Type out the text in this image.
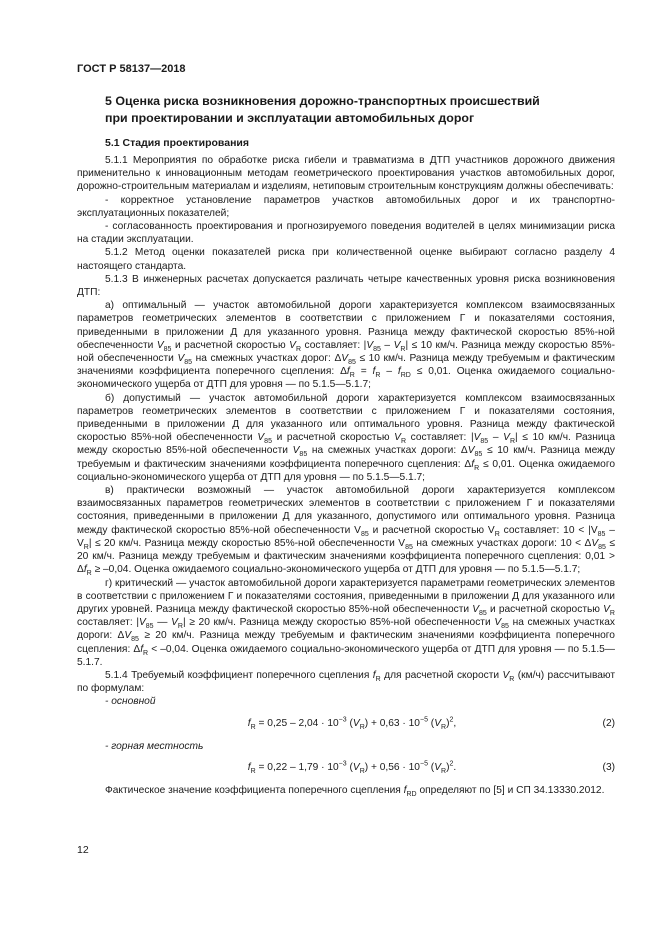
ГОСТ Р 58137—2018
5 Оценка риска возникновения дорожно-транспортных происшествий
при проектировании и эксплуатации автомобильных дорог
5.1 Стадия проектирования

5.1.1 Мероприятия по обработке риска гибели и травматизма в ДТП участников дорожного движения применительно к инновационным методам геометрического проектирования участков автомобильных дорог, дорожно-строительным материалам и изделиям, нетиповым строительным конструкциям должны обеспечивать:

- корректное установление параметров участков автомобильных дорог и их транспортно-эксплуатационных показателей;

- согласованность проектирования и прогнозируемого поведения водителей в целях минимизации риска на стадии эксплуатации.

5.1.2 Метод оценки показателей риска при количественной оценке выбирают согласно разделу 4 настоящего стандарта.

5.1.3 В инженерных расчетах допускается различать четыре качественных уровня риска возникновения ДТП:

а) оптимальный — участок автомобильной дороги характеризуется комплексом взаимосвязанных параметров геометрических элементов в соответствии с приложением Г и показателями состояния, приведенными в приложении Д для указанного уровня. Разница между фактической скоростью 85%-ной обеспеченности $V_{85}$ и расчетной скоростью $V_R$ составляет: $|V_{85} - V_R| \le 10$ км/ч. Разница между скоростью 85%-ной обеспеченности $V_{85}$ на смежных участках дорог: $\Delta V_{85} \le 10$ км/ч. Разница между требуемым и фактическим значениями коэффициента поперечного сцепления: $\Delta f_R = f_R - f_{RD} \le 0,01$. Оценка ожидаемого социально-экономического ущерба от ДТП для уровня — по 5.1.5—5.1.7;

б) допустимый — участок автомобильной дороги характеризуется комплексом взаимосвязанных параметров геометрических элементов в соответствии с приложением Г и показателями состояния, приведенными в приложении Д для указанного или оптимального уровня. Разница между фактической скоростью 85%-ной обеспеченности $V_{85}$ и расчетной скоростью $V_R$ составляет: $|V_{85} - V_R| \le 10$ км/ч. Разница между скоростью 85%-ной обеспеченности $V_{85}$ на смежных участках дороги: $\Delta V_{85} \le 10$ км/ч. Разница между требуемым и фактическим значениями коэффициента поперечного сцепления: $\Delta f_R \le 0,01$. Оценка ожидаемого социально-экономического ущерба от ДТП для уровня — по 5.1.5—5.1.7;

в) практически возможный — участок автомобильной дороги характеризуется комплексом взаимосвязанных параметров геометрических элементов в соответствии с приложением Г и показателями состояния, приведенными в приложении Д для указанного, допустимого или оптимального уровня. Разница между фактической скоростью 85%-ной обеспеченности $V_{85}$ и расчетной скоростью $V_R$ составляет: $10 < |V_{85} - V_R| \le 20$ км/ч. Разница между скоростью 85%-ной обеспеченности $V_{85}$ на смежных участках дороги: $10 < \Delta V_{85} \le 20$ км/ч. Разница между требуемым и фактическим значениями коэффициента поперечного сцепления: $0,01 > \Delta f_R \ge -0,04$. Оценка ожидаемого социально-экономического ущерба от ДТП для уровня — по 5.1.5—5.1.7;

г) критический — участок автомобильной дороги характеризуется параметрами геометрических элементов в соответствии с приложением Г и показателями состояния, приведенными в приложении Д для указанного или других уровней. Разница между фактической скоростью 85%-ной обеспеченности $V_{85}$ и расчетной скоростью $V_R$ составляет: $|V_{85}$ — $V_R| \ge 20$ км/ч. Разница между скоростью 85%-ной обеспеченности $V_{85}$ на смежных участках дороги: $\Delta V_{85} \ge 20$ км/ч. Разница между требуемым и фактическим значениями коэффициента поперечного сцепления: $\Delta f_R < -0,04$. Оценка ожидаемого социально-экономического ущерба от ДТП для уровня — по 5.1.5—5.1.7.

5.1.4 Требуемый коэффициент поперечного сцепления $f_R$ для расчетной скорости $V_R$ (км/ч) рассчитывают по формулам:

- основной

$f_R = 0,25 - 2,04 \cdot 10^{-3}$ $(V_R) + 0,63 \cdot 10^{-5}$ $(V_R)^2$,	(2)

- горная местность

$f_R = 0,22 - 1,79 \cdot 10^{-3}$ $(V_R) + 0,56 \cdot 10^{-5}$ $(V_R)^2$.	(3)

Фактическое значение коэффициента поперечного сцепления $f_{RD}$ определяют по [5] и СП 34.13330.2012.

12
